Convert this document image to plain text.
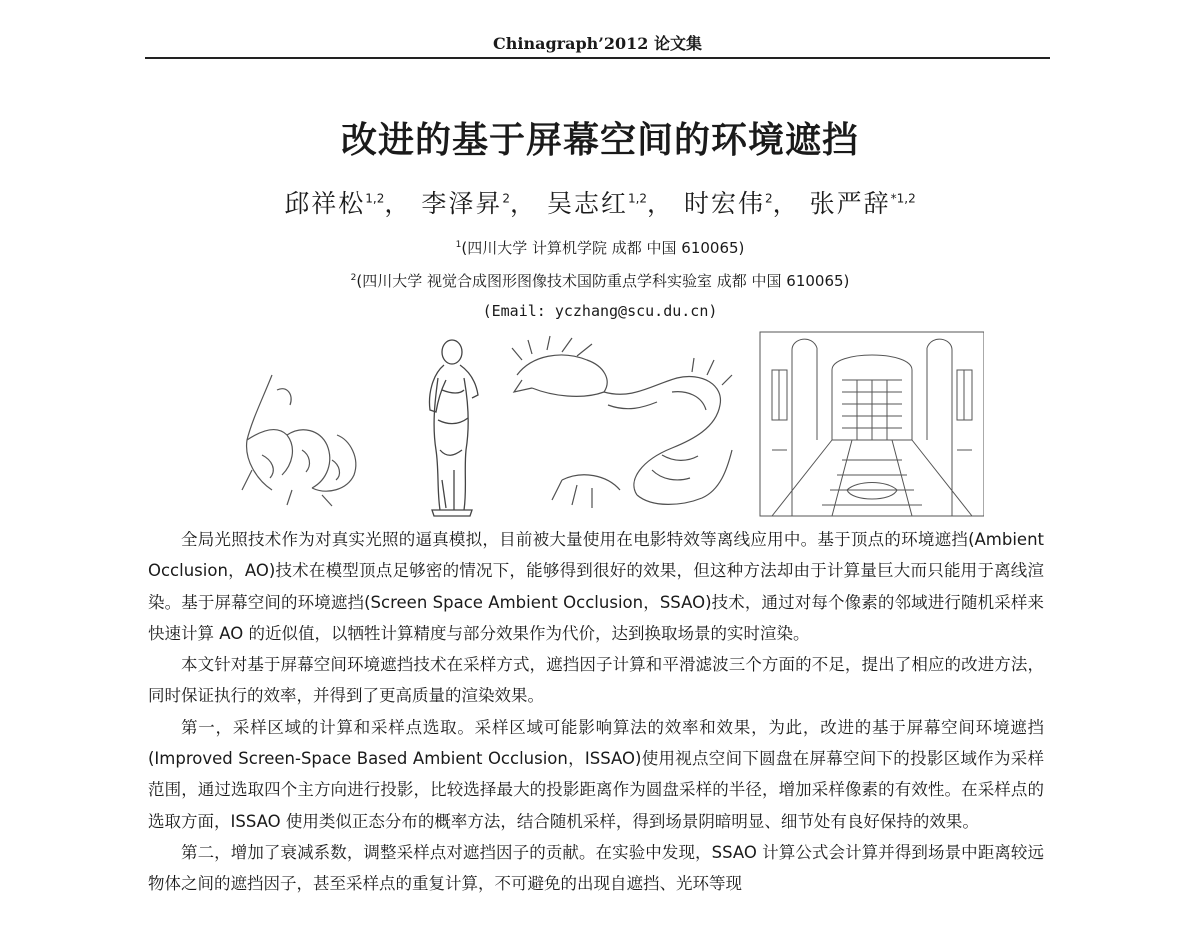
Chinagraph’2012 论文集
改进的基于屏幕空间的环境遮挡
邱祥松$^{1,2}$， 李泽昇$^2$， 吴志红$^{1,2}$， 时宏伟$^2$， 张严辞$^{*1,2}$
$^1$(四川大学 计算机学院 成都 中国 610065)
$^2$(四川大学 视觉合成图形图像技术国防重点学科实验室 成都 中国 610065)
(Email: yczhang@scu.du.cn)

全局光照技术作为对真实光照的逼真模拟，目前被大量使用在电影特效等离线应用中。基于顶点的环境遮挡(Ambient Occlusion，AO)技术在模型顶点足够密的情况下，能够得到很好的效果，但这种方法却由于计算量巨大而只能用于离线渲染。基于屏幕空间的环境遮挡(Screen Space Ambient Occlusion，SSAO)技术，通过对每个像素的邻域进行随机采样来快速计算 AO 的近似值，以牺牲计算精度与部分效果作为代价，达到换取场景的实时渲染。

本文针对基于屏幕空间环境遮挡技术在采样方式，遮挡因子计算和平滑滤波三个方面的不足，提出了相应的改进方法，同时保证执行的效率，并得到了更高质量的渲染效果。

第一，采样区域的计算和采样点选取。采样区域可能影响算法的效率和效果，为此，改进的基于屏幕空间环境遮挡(Improved Screen-Space Based Ambient Occlusion，ISSAO)使用视点空间下圆盘在屏幕空间下的投影区域作为采样范围，通过选取四个主方向进行投影，比较选择最大的投影距离作为圆盘采样的半径，增加采样像素的有效性。在采样点的选取方面，ISSAO 使用类似正态分布的概率方法，结合随机采样，得到场景阴暗明显、细节处有良好保持的效果。

第二，增加了衰减系数，调整采样点对遮挡因子的贡献。在实验中发现，SSAO 计算公式会计算并得到场景中距离较远物体之间的遮挡因子，甚至采样点的重复计算，不可避免的出现自遮挡、光环等现
